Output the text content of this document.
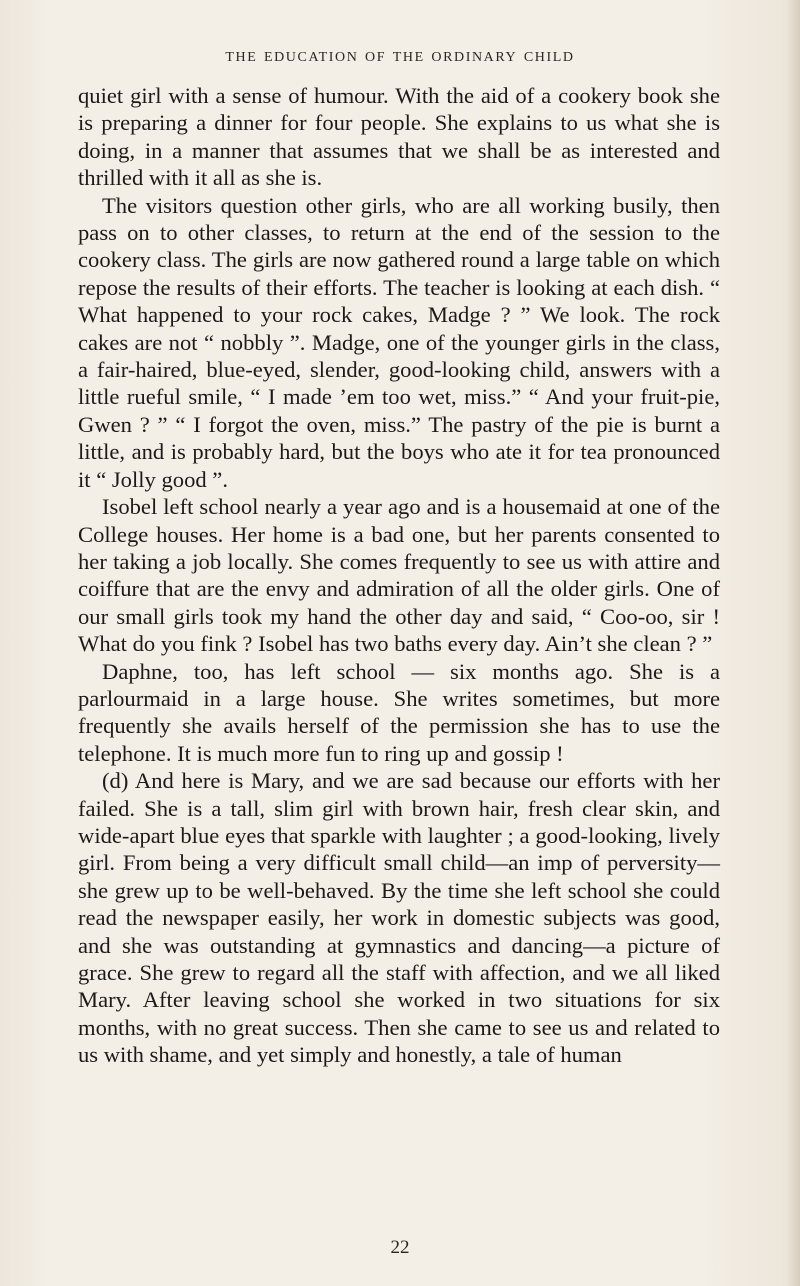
the education of the ordinary child

quiet girl with a sense of humour. With the aid of a cookery book she is preparing a dinner for four people. She explains to us what she is doing, in a manner that assumes that we shall be as interested and thrilled with it all as she is.

The visitors question other girls, who are all working busily, then pass on to other classes, to return at the end of the session to the cookery class. The girls are now gathered round a large table on which repose the results of their efforts. The teacher is looking at each dish. “ What happened to your rock cakes, Madge ? ” We look. The rock cakes are not “ nobbly ”. Madge, one of the younger girls in the class, a fair-haired, blue-eyed, slender, good-looking child, answers with a little rueful smile, “ I made ’em too wet, miss.” “ And your fruit-pie, Gwen ? ” “ I forgot the oven, miss.” The pastry of the pie is burnt a little, and is probably hard, but the boys who ate it for tea pronounced it “ Jolly good ”.

Isobel left school nearly a year ago and is a housemaid at one of the College houses. Her home is a bad one, but her parents consented to her taking a job locally. She comes frequently to see us with attire and coiffure that are the envy and admiration of all the older girls. One of our small girls took my hand the other day and said, “ Coo-oo, sir ! What do you fink ? Isobel has two baths every day. Ain’t she clean ? ”

Daphne, too, has left school — six months ago. She is a parlourmaid in a large house. She writes sometimes, but more frequently she avails herself of the permission she has to use the telephone. It is much more fun to ring up and gossip !

(d) And here is Mary, and we are sad because our efforts with her failed. She is a tall, slim girl with brown hair, fresh clear skin, and wide-apart blue eyes that sparkle with laughter ; a good-looking, lively girl. From being a very difficult small child—an imp of perversity—she grew up to be well-behaved. By the time she left school she could read the newspaper easily, her work in domestic subjects was good, and she was outstanding at gymnastics and dancing—a picture of grace. She grew to regard all the staff with affection, and we all liked Mary. After leaving school she worked in two situations for six months, with no great success. Then she came to see us and related to us with shame, and yet simply and honestly, a tale of human

22
